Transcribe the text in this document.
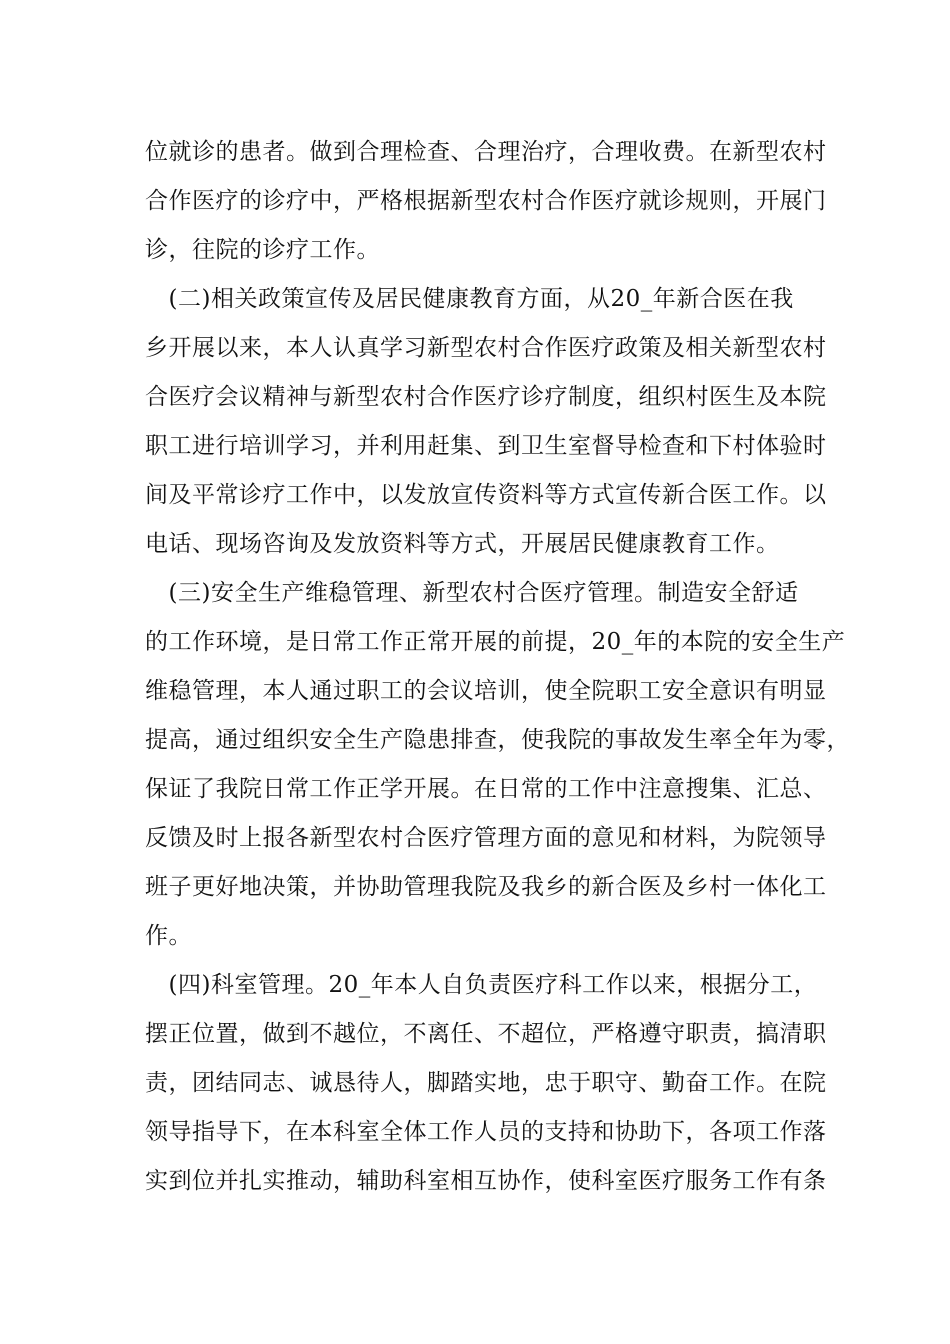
位就诊的患者。做到合理检查、合理治疗，合理收费。在新型农村
合作医疗的诊疗中，严格根据新型农村合作医疗就诊规则，开展门
诊，往院的诊疗工作。
　(二)相关政策宣传及居民健康教育方面，从20_年新合医在我
乡开展以来，本人认真学习新型农村合作医疗政策及相关新型农村
合医疗会议精神与新型农村合作医疗诊疗制度，组织村医生及本院
职工进行培训学习，并利用赶集、到卫生室督导检查和下村体验时
间及平常诊疗工作中，以发放宣传资料等方式宣传新合医工作。以
电话、现场咨询及发放资料等方式，开展居民健康教育工作。
　(三)安全生产维稳管理、新型农村合医疗管理。制造安全舒适
的工作环境，是日常工作正常开展的前提，20_年的本院的安全生产
维稳管理，本人通过职工的会议培训，使全院职工安全意识有明显
提高，通过组织安全生产隐患排查，使我院的事故发生率全年为零，
保证了我院日常工作正学开展。在日常的工作中注意搜集、汇总、
反馈及时上报各新型农村合医疗管理方面的意见和材料，为院领导
班子更好地决策，并协助管理我院及我乡的新合医及乡村一体化工
作。
　(四)科室管理。20_年本人自负责医疗科工作以来，根据分工，
摆正位置，做到不越位，不离任、不超位，严格遵守职责，搞清职
责，团结同志、诚恳待人，脚踏实地，忠于职守、勤奋工作。在院
领导指导下，在本科室全体工作人员的支持和协助下，各项工作落
实到位并扎实推动，辅助科室相互协作，使科室医疗服务工作有条
